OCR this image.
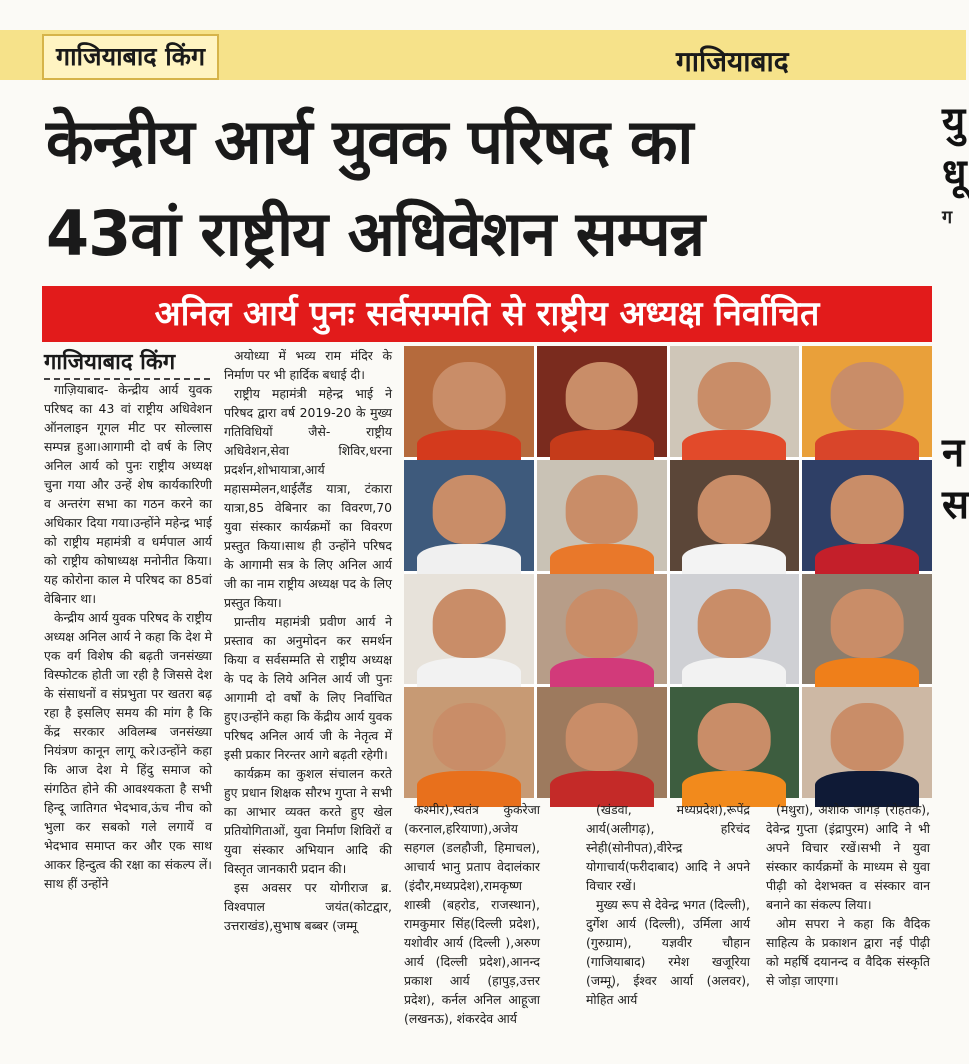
गाजियाबाद किंग	गाजियाबाद
केन्द्रीय आर्य युवक परिषद का
43वां राष्ट्रीय अधिवेशन सम्पन्न
अनिल आर्य पुनः सर्वसम्मति से राष्ट्रीय अध्यक्ष निर्वाचित
गाजियाबाद किंग

गाज़ियाबाद- केन्द्रीय आर्य युवक परिषद का 43 वां राष्ट्रीय अधिवेशन ऑनलाइन गूगल मीट पर सोल्लास सम्पन्न हुआ।आगामी दो वर्ष के लिए अनिल आर्य को पुनः राष्ट्रीय अध्यक्ष चुना गया और उन्हें शेष कार्यकारिणी व अन्तरंग सभा का गठन करने का अधिकार दिया गया।उन्होंने महेन्द्र भाई को राष्ट्रीय महामंत्री व धर्मपाल आर्य को राष्ट्रीय कोषाध्यक्ष मनोनीत किया।यह कोरोना काल मे परिषद का 85वां वेबिनार था।

केन्द्रीय आर्य युवक परिषद के राष्ट्रीय अध्यक्ष अनिल आर्य ने कहा कि देश मे एक वर्ग विशेष की बढ़ती जनसंख्या विस्फोटक होती जा रही है जिससे देश के संसाधनों व संप्रभुता पर खतरा बढ़ रहा है इसलिए समय की मांग है कि केंद्र सरकार अविलम्ब जनसंख्या नियंत्रण कानून लागू करे।उन्होंने कहा कि आज देश मे हिंदु समाज को संगठित होने की आवश्यकता है सभी हिन्दू जातिगत भेदभाव,ऊंच नीच को भुला कर सबको गले लगायें व भेदभाव समाप्त कर और एक साथ आकर हिन्दुत्व की रक्षा का संकल्प लें।साथ हीं उन्होंने

अयोध्या में भव्य राम मंदिर के निर्माण पर भी हार्दिक बधाई दी।

राष्ट्रीय महामंत्री महेन्द्र भाई ने परिषद द्वारा वर्ष 2019-20 के मुख्य गतिविधियों जैसे- राष्ट्रीय अधिवेशन,सेवा शिविर,धरना प्रदर्शन,शोभायात्रा,आर्य महासम्मेलन,थाईलैंड यात्रा, टंकारा यात्रा,85 वेबिनार का विवरण,70 युवा संस्कार कार्यक्रमों का विवरण प्रस्तुत किया।साथ ही उन्होंने परिषद के आगामी सत्र के लिए अनिल आर्य जी का नाम राष्ट्रीय अध्यक्ष पद के लिए प्रस्तुत किया।

प्रान्तीय महामंत्री प्रवीण आर्य ने प्रस्ताव का अनुमोदन कर समर्थन किया व सर्वसम्मति से राष्ट्रीय अध्यक्ष के पद के लिये अनिल आर्य जी पुनः आगामी दो वर्षों के लिए निर्वाचित हुए।उन्होंने कहा कि केंद्रीय आर्य युवक परिषद अनिल आर्य जी के नेतृत्व में इसी प्रकार निरन्तर आगे बढ़ती रहेगी।

कार्यक्रम का कुशल संचालन करते हुए प्रधान शिक्षक सौरभ गुप्ता ने सभी का आभार व्यक्त करते हुए खेल प्रतियोगिताओं, युवा निर्माण शिविरों व युवा संस्कार अभियान आदि की विस्तृत जानकारी प्रदान की।

इस अवसर पर योगीराज ब्र. विश्वपाल जयंत(कोटद्वार, उत्तराखंड),सुभाष बब्बर (जम्मू

कश्मीर),स्वतंत्र कुकरेजा (करनाल,हरियाणा),अजेय सहगल (डलहौजी, हिमाचल), आचार्य भानु प्रताप वेदालंकार (इंदौर,मध्यप्रदेश),रामकृष्ण शास्त्री (बहरोड, राजस्थान), रामकुमार सिंह(दिल्ली प्रदेश), यशोवीर आर्य (दिल्ली ),अरुण आर्य (दिल्ली प्रदेश),आनन्द प्रकाश आर्य (हापुड़,उत्तर प्रदेश), कर्नल अनिल आहूजा (लखनऊ), शंकरदेव आर्य

(खंडवा, मध्यप्रदेश),रूपेंद्र आर्य(अलीगढ़), हरिचंद स्नेही(सोनीपत),वीरेन्द्र योगाचार्य(फरीदाबाद) आदि ने अपने विचार रखें।

मुख्य रूप से देवेन्द्र भगत (दिल्ली), दुर्गेश आर्य (दिल्ली), उर्मिला आर्य (गुरुग्राम), यज्ञवीर चौहान (गाजियाबाद) रमेश खजूरिया (जम्मू), ईश्वर आर्या (अलवर), मोहित आर्य

(मथुरा), अशोक जागड़ (रोहतक), देवेन्द्र गुप्ता (इंद्रापुरम) आदि ने भी अपने विचार रखें।सभी ने युवा संस्कार कार्यक्रमों के माध्यम से युवा पीढ़ी को देशभक्त व संस्कार वान बनाने का संकल्प लिया।

ओम सपरा ने कहा कि वैदिक साहित्य के प्रकाशन द्वारा नई पीढ़ी को महर्षि दयानन्द व वैदिक संस्कृति से जोड़ा जाएगा।

यु
धू
ग
न
स
